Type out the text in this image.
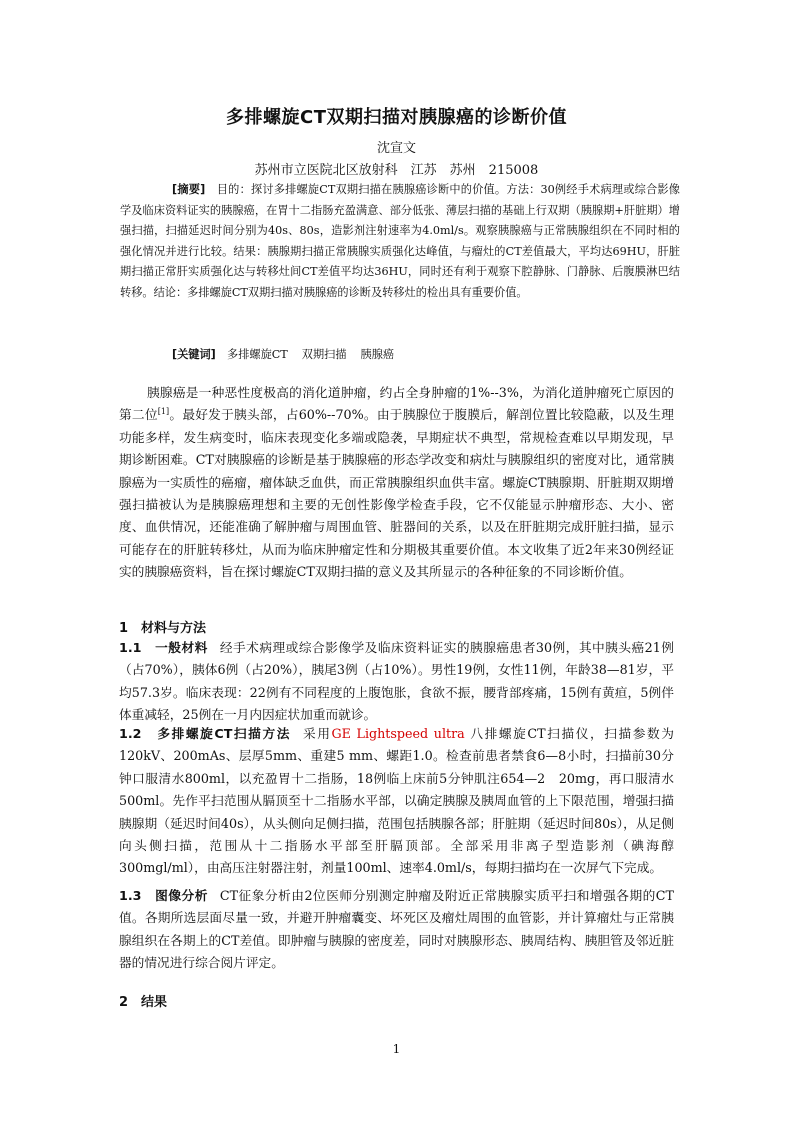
多排螺旋CT双期扫描对胰腺癌的诊断价值

沈宣文

苏州市立医院北区放射科　江苏　苏州　215008

[摘要]　 目的：探讨多排螺旋CT双期扫描在胰腺癌诊断中的价值。方法：30例经手术病理或综合影像学及临床资料证实的胰腺癌，在胃十二指肠充盈满意、部分低张、薄层扫描的基础上行双期（胰腺期+肝脏期）增强扫描，扫描延迟时间分别为40s、80s，造影剂注射速率为4.0ml/s。观察胰腺癌与正常胰腺组织在不同时相的强化情况并进行比较。结果：胰腺期扫描正常胰腺实质强化达峰值，与瘤灶的CT差值最大，平均达69HU，肝脏期扫描正常肝实质强化达与转移灶间CT差值平均达36HU，同时还有利于观察下腔静脉、门静脉、后腹膜淋巴结转移。结论：多排螺旋CT双期扫描对胰腺癌的诊断及转移灶的检出具有重要价值。

[关键词]　 多排螺旋CT 双期扫描 胰腺癌

胰腺癌是一种恶性度极高的消化道肿瘤，约占全身肿瘤的1%--3%，为消化道肿瘤死亡原因的第二位[1]。最好发于胰头部，占60%--70%。由于胰腺位于腹膜后，解剖位置比较隐蔽，以及生理功能多样，发生病变时，临床表现变化多端或隐袭，早期症状不典型，常规检查难以早期发现，早期诊断困难。CT对胰腺癌的诊断是基于胰腺癌的形态学改变和病灶与胰腺组织的密度对比，通常胰腺癌为一实质性的癌瘤，瘤体缺乏血供，而正常胰腺组织血供丰富。螺旋CT胰腺期、肝脏期双期增强扫描被认为是胰腺癌理想和主要的无创性影像学检查手段，它不仅能显示肿瘤形态、大小、密度、血供情况，还能准确了解肿瘤与周围血管、脏器间的关系，以及在肝脏期完成肝脏扫描，显示可能存在的肝脏转移灶，从而为临床肿瘤定性和分期极其重要价值。本文收集了近2年来30例经证实的胰腺癌资料，旨在探讨螺旋CT双期扫描的意义及其所显示的各种征象的不同诊断价值。

1　材料与方法

1.1　一般材料 经手术病理或综合影像学及临床资料证实的胰腺癌患者30例，其中胰头癌21例（占70%），胰体6例（占20%），胰尾3例（占10%）。男性19例，女性11例，年龄38—81岁，平均57.3岁。临床表现：22例有不同程度的上腹饱胀，食欲不振，腰背部疼痛，15例有黄疸，5例伴体重减轻，25例在一月内因症状加重而就诊。

1.2　多排螺旋CT扫描方法 采用GE Lightspeed ultra 八排螺旋CT扫描仪，扫描参数为120kV、200mAs、层厚5mm、重建5 mm、螺距1.0。检查前患者禁食6—8小时，扫描前30分钟口服清水800ml，以充盈胃十二指肠，18例临上床前5分钟肌注654—2　20mg，再口服清水500ml。先作平扫范围从膈顶至十二指肠水平部，以确定胰腺及胰周血管的上下限范围，增强扫描胰腺期（延迟时间40s），从头侧向足侧扫描，范围包括胰腺各部；肝脏期（延迟时间80s），从足侧向头侧扫描，范围从十二指肠水平部至肝膈顶部。全部采用非离子型造影剂（碘海醇300mgl/ml），由高压注射器注射，剂量100ml、速率4.0ml/s，每期扫描均在一次屏气下完成。

1.3　图像分析 CT征象分析由2位医师分别测定肿瘤及附近正常胰腺实质平扫和增强各期的CT值。各期所选层面尽量一致，并避开肿瘤囊变、坏死区及瘤灶周围的血管影，并计算瘤灶与正常胰腺组织在各期上的CT差值。即肿瘤与胰腺的密度差，同时对胰腺形态、胰周结构、胰胆管及邻近脏器的情况进行综合阅片评定。

2　结果

1
